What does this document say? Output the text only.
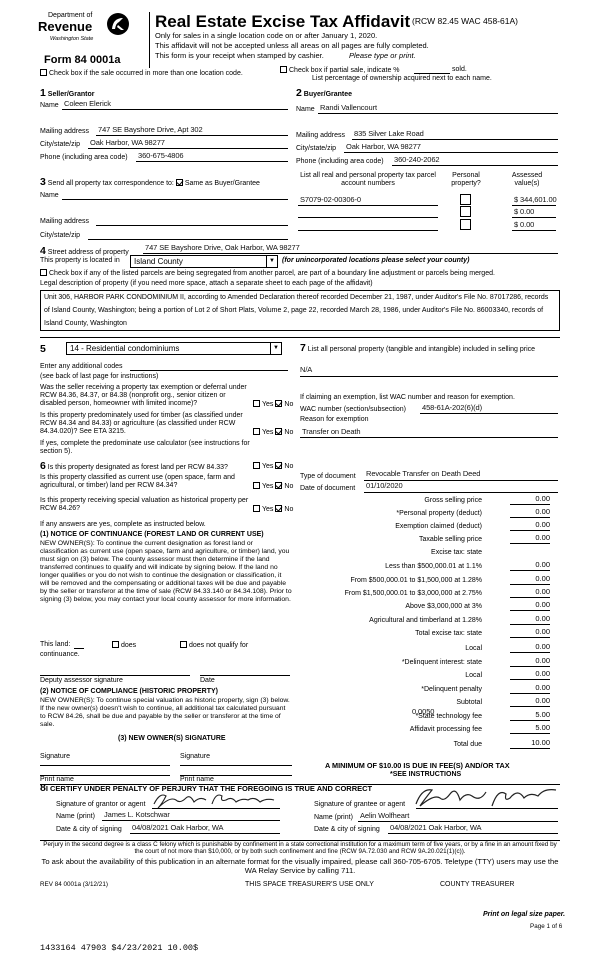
Department of
Revenue
Washington State
Form 84 0001a
Real Estate Excise Tax Affidavit (RCW 82.45 WAC 458-61A)
Only for sales in a single location code on or after January 1, 2020.
This affidavit will not be accepted unless all areas on all pages are fully completed.
This form is your receipt when stamped by cashier.	Please type or print.
Check box if the sale occurred in more than one location code.	Check box if partial sale, indicate %	sold.
List percentage of ownership acquired next to each name.
1 Seller/Grantor
Name Coleen Elerick
Mailing address 747 SE Bayshore Drive, Apt 302
City/state/zip Oak Harbor, WA 98277
Phone (including area code) 360-675-4806
2 Buyer/Grantee
Name Randi Vallencourt
Mailing address 835 Silver Lake Road
City/state/zip Oak Harbor, WA 98277
Phone (including area code) 360-240-2062
3 Send all property tax correspondence to: Same as Buyer/Grantee
Name
Mailing address
City/state/zip
List all real and personal property tax parcel account numbers
Personal property?
Assessed value(s)
S7079-02-00306-0	$ 344,601.00
$ 0.00
$ 0.00
4 Street address of property
747 SE Bayshore Drive, Oak Harbor, WA 98277
This property is located in	Island County	▼ (for unincorporated locations please select your county)
Check box if any of the listed parcels are being segregated from another parcel, are part of a boundary line adjustment or parcels being merged.
Legal description of property (if you need more space, attach a separate sheet to each page of the affidavit)
Unit 306, HARBOR PARK CONDOMINIUM II, according to Amended Declaration thereof recorded December 21, 1987, under Auditor's File No. 87017286, records of Island County, Washington; being a portion of Lot 2 of Short Plats, Volume 2, page 22, recorded March 28, 1986, under Auditor's File No. 86003340, records of Island County, Washington
5	14 - Residential condominiums	▼
Enter any additional codes
(see back of last page for instructions)
Was the seller receiving a property tax exemption or deferral under RCW 84.36, 84.37, or 84.38 (nonprofit org., senior citizen or disabled person, homeowner with limited income)?	Yes No
Is this property predominately used for timber (as classified under RCW 84.34 and 84.33) or agriculture (as classified under RCW 84.34.020)? See ETA 3215.	Yes No
If yes, complete the predominate use calculator (see instructions for section 5).
6 Is this property designated as forest land per RCW 84.33?	Yes No
Is this property classified as current use (open space, farm and agricultural, or timber) land per RCW 84.34?	Yes No
Is this property receiving special valuation as historical property per RCW 84.26?	Yes No
If any answers are yes, complete as instructed below.
(1) NOTICE OF CONTINUANCE (FOREST LAND OR CURRENT USE)
NEW OWNER(S): To continue the current designation as forest land or classification as current use (open space, farm and agriculture, or timber) land, you must sign on (3) below. The county assessor must then determine if the land transferred continues to qualify and will indicate by signing below. If the land no longer qualifies or you do not wish to continue the designation or classification, it will be removed and the compensating or additional taxes will be due and payable by the seller or transferor at the time of sale (RCW 84.33.140 or 84.34.108). Prior to signing (3) below, you may contact your local county assessor for more information.
This land:	does	does not qualify for
continuance.
Deputy assessor signature	Date
(2) NOTICE OF COMPLIANCE (HISTORIC PROPERTY)
NEW OWNER(S): To continue special valuation as historic property, sign (3) below. If the new owner(s) doesn't wish to continue, all additional tax calculated pursuant to RCW 84.26, shall be due and payable by the seller or transferor at the time of sale.
(3) NEW OWNER(S) SIGNATURE
Signature	Signature
Print name	Print name
7 List all personal property (tangible and intangible) included in selling price
N/A
If claiming an exemption, list WAC number and reason for exemption.
WAC number (section/subsection) 458-61A-202(6)(d)
Reason for exemption
Transfer on Death
Type of document Revocable Transfer on Death Deed
Date of document 01/10/2020
Gross selling price	0.00
*Personal property (deduct)	0.00
Exemption claimed (deduct)	0.00
Taxable selling price	0.00
Excise tax: state
Less than $500,000.01 at 1.1%	0.00
From $500,000.01 to $1,500,000 at 1.28%	0.00
From $1,500,000.01 to $3,000,000 at 2.75%	0.00
Above $3,000,000 at 3%	0.00
Agricultural and timberland at 1.28%	0.00
Total excise tax: state	0.00
Local	0.00
*Delinquent interest: state	0.00
Local	0.00
*Delinquent penalty	0.00
Subtotal	0.00
*State technology fee	5.00
Affidavit processing fee	5.00
Total due	10.00
0.0050
A MINIMUM OF $10.00 IS DUE IN FEE(S) AND/OR TAX
*SEE INSTRUCTIONS
8I CERTIFY UNDER PENALTY OF PERJURY THAT THE FOREGOING IS TRUE AND CORRECT
Signature of grantor or agent	Signature of grantee or agent
Name (print) James L. Kotschwar	Name (print) Aelin Wolfheart
Date & city of signing 04/08/2021 Oak Harbor, WA	Date & city of signing 04/08/2021 Oak Harbor, WA
Perjury in the second degree is a class C felony which is punishable by confinement in a state correctional institution for a maximum term of five years, or by a fine in an amount fixed by the court of not more than $10,000, or by both such confinement and fine (RCW 9A.72.030 and RCW 9A.20.021(1)(c)).
To ask about the availability of this publication in an alternate format for the visually impaired, please call 360-705-6705. Teletype (TTY) users may use the WA Relay Service by calling 711.
REV 84 0001a (3/12/21)	THIS SPACE TREASURER'S USE ONLY	COUNTY TREASURER
Print on legal size paper.
Page 1 of 6
1433164 47903 $4/23/2021 10.00$
